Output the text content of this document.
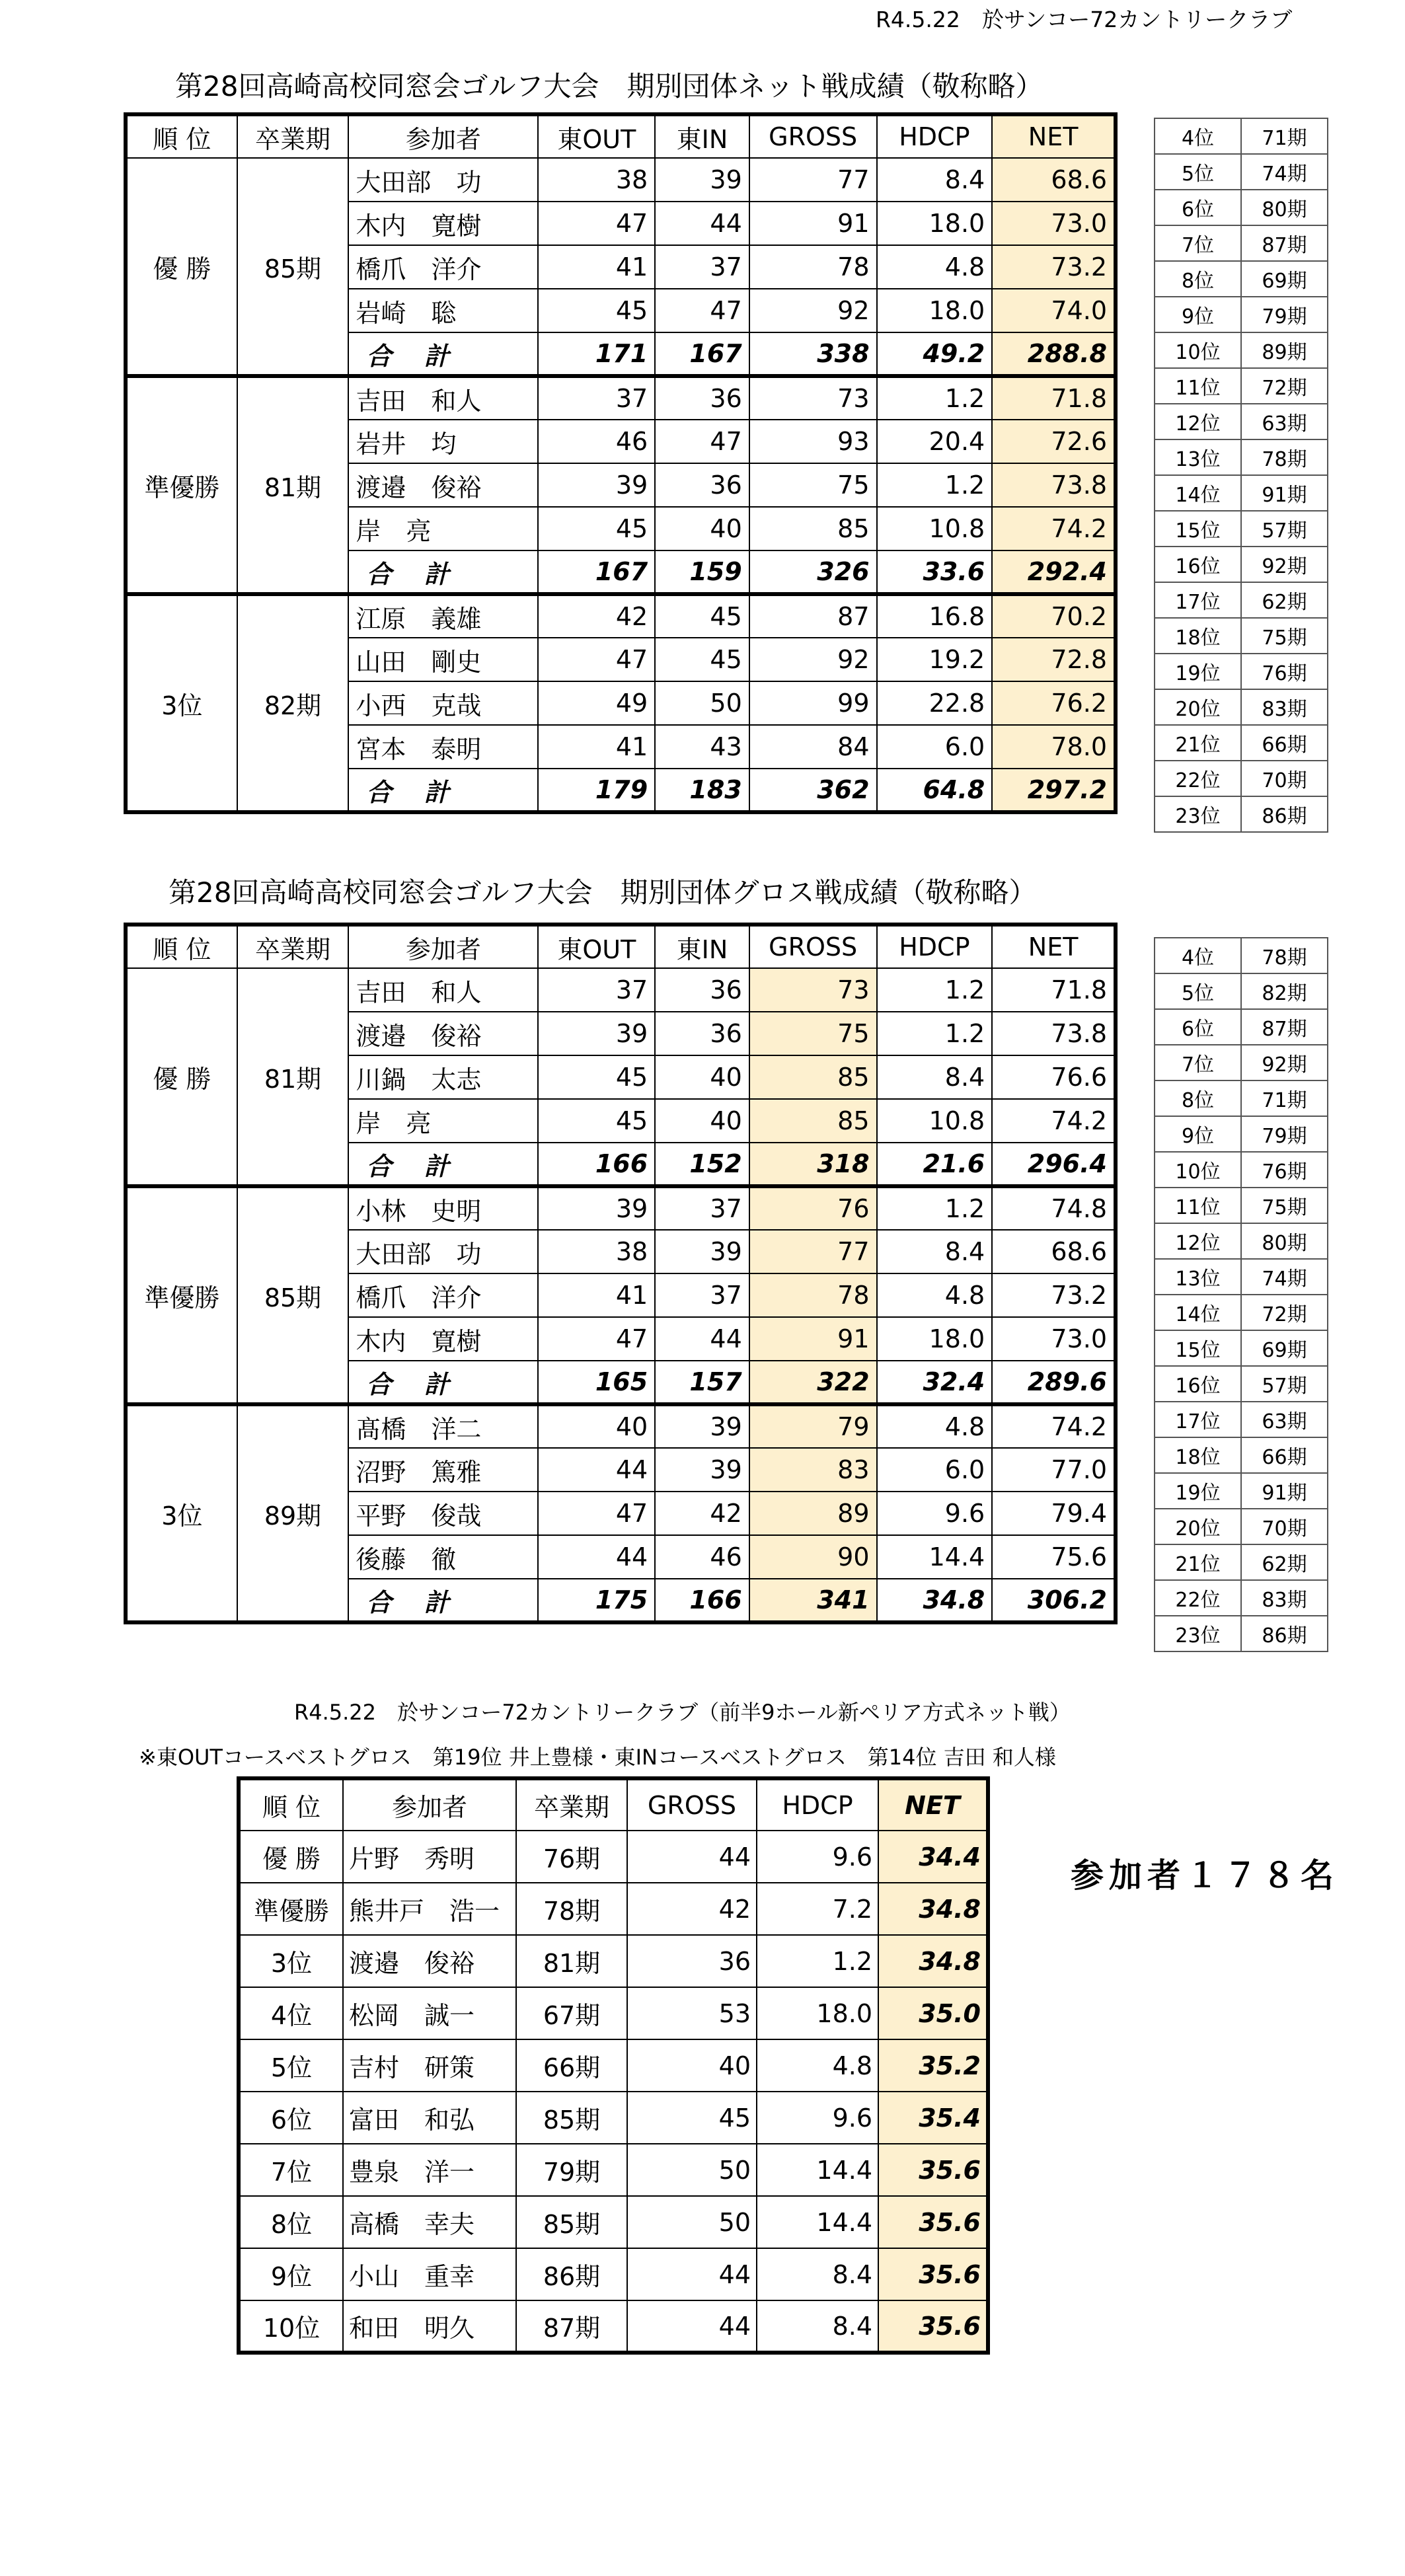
R4.5.22　於サンコー72カントリークラブ
第28回高崎高校同窓会ゴルフ大会　期別団体ネット戦成績（敬称略）
順 位	卒業期	参加者	東OUT	東IN	GROSS	HDCP	NET
優 勝	85期	大田部　功	38	39	77	8.4	68.6
		木内　寛樹	47	44	91	18.0	73.0
		橋爪　洋介	41	37	78	4.8	73.2
		岩崎　聡	45	47	92	18.0	74.0
		合 計	171	167	338	49.2	288.8
準優勝	81期	吉田　和人	37	36	73	1.2	71.8
		岩井　均	46	47	93	20.4	72.6
		渡邉　俊裕	39	36	75	1.2	73.8
		岸　亮	45	40	85	10.8	74.2
		合 計	167	159	326	33.6	292.4
3位	82期	江原　義雄	42	45	87	16.8	70.2
		山田　剛史	47	45	92	19.2	72.8
		小西　克哉	49	50	99	22.8	76.2
		宮本　泰明	41	43	84	6.0	78.0
		合 計	179	183	362	64.8	297.2
4位	71期
5位	74期
6位	80期
7位	87期
8位	69期
9位	79期
10位	89期
11位	72期
12位	63期
13位	78期
14位	91期
15位	57期
16位	92期
17位	62期
18位	75期
19位	76期
20位	83期
21位	66期
22位	70期
23位	86期
第28回高崎高校同窓会ゴルフ大会　期別団体グロス戦成績（敬称略）
順 位	卒業期	参加者	東OUT	東IN	GROSS	HDCP	NET
優 勝	81期	吉田　和人	37	36	73	1.2	71.8
		渡邉　俊裕	39	36	75	1.2	73.8
		川鍋　太志	45	40	85	8.4	76.6
		岸　亮	45	40	85	10.8	74.2
		合 計	166	152	318	21.6	296.4
準優勝	85期	小林　史明	39	37	76	1.2	74.8
		大田部　功	38	39	77	8.4	68.6
		橋爪　洋介	41	37	78	4.8	73.2
		木内　寛樹	47	44	91	18.0	73.0
		合 計	165	157	322	32.4	289.6
3位	89期	髙橋　洋二	40	39	79	4.8	74.2
		沼野　篤雅	44	39	83	6.0	77.0
		平野　俊哉	47	42	89	9.6	79.4
		後藤　徹	44	46	90	14.4	75.6
		合 計	175	166	341	34.8	306.2
4位	78期
5位	82期
6位	87期
7位	92期
8位	71期
9位	79期
10位	76期
11位	75期
12位	80期
13位	74期
14位	72期
15位	69期
16位	57期
17位	63期
18位	66期
19位	91期
20位	70期
21位	62期
22位	83期
23位	86期
R4.5.22　於サンコー72カントリークラブ（前半9ホール新ペリア方式ネット戦）
※東OUTコースベストグロス　第19位 井上豊様・東INコースベストグロス　第14位 吉田 和人様
順 位	参加者	卒業期	GROSS	HDCP	NET
優 勝	片野　秀明	76期	44	9.6	34.4
準優勝	熊井戸　浩一	78期	42	7.2	34.8
3位	渡邉　俊裕	81期	36	1.2	34.8
4位	松岡　誠一	67期	53	18.0	35.0
5位	吉村　研策	66期	40	4.8	35.2
6位	富田　和弘	85期	45	9.6	35.4
7位	豊泉　洋一	79期	50	14.4	35.6
8位	高橋　幸夫	85期	50	14.4	35.6
9位	小山　重幸	86期	44	8.4	35.6
10位	和田　明久	87期	44	8.4	35.6
参加者１７８名
